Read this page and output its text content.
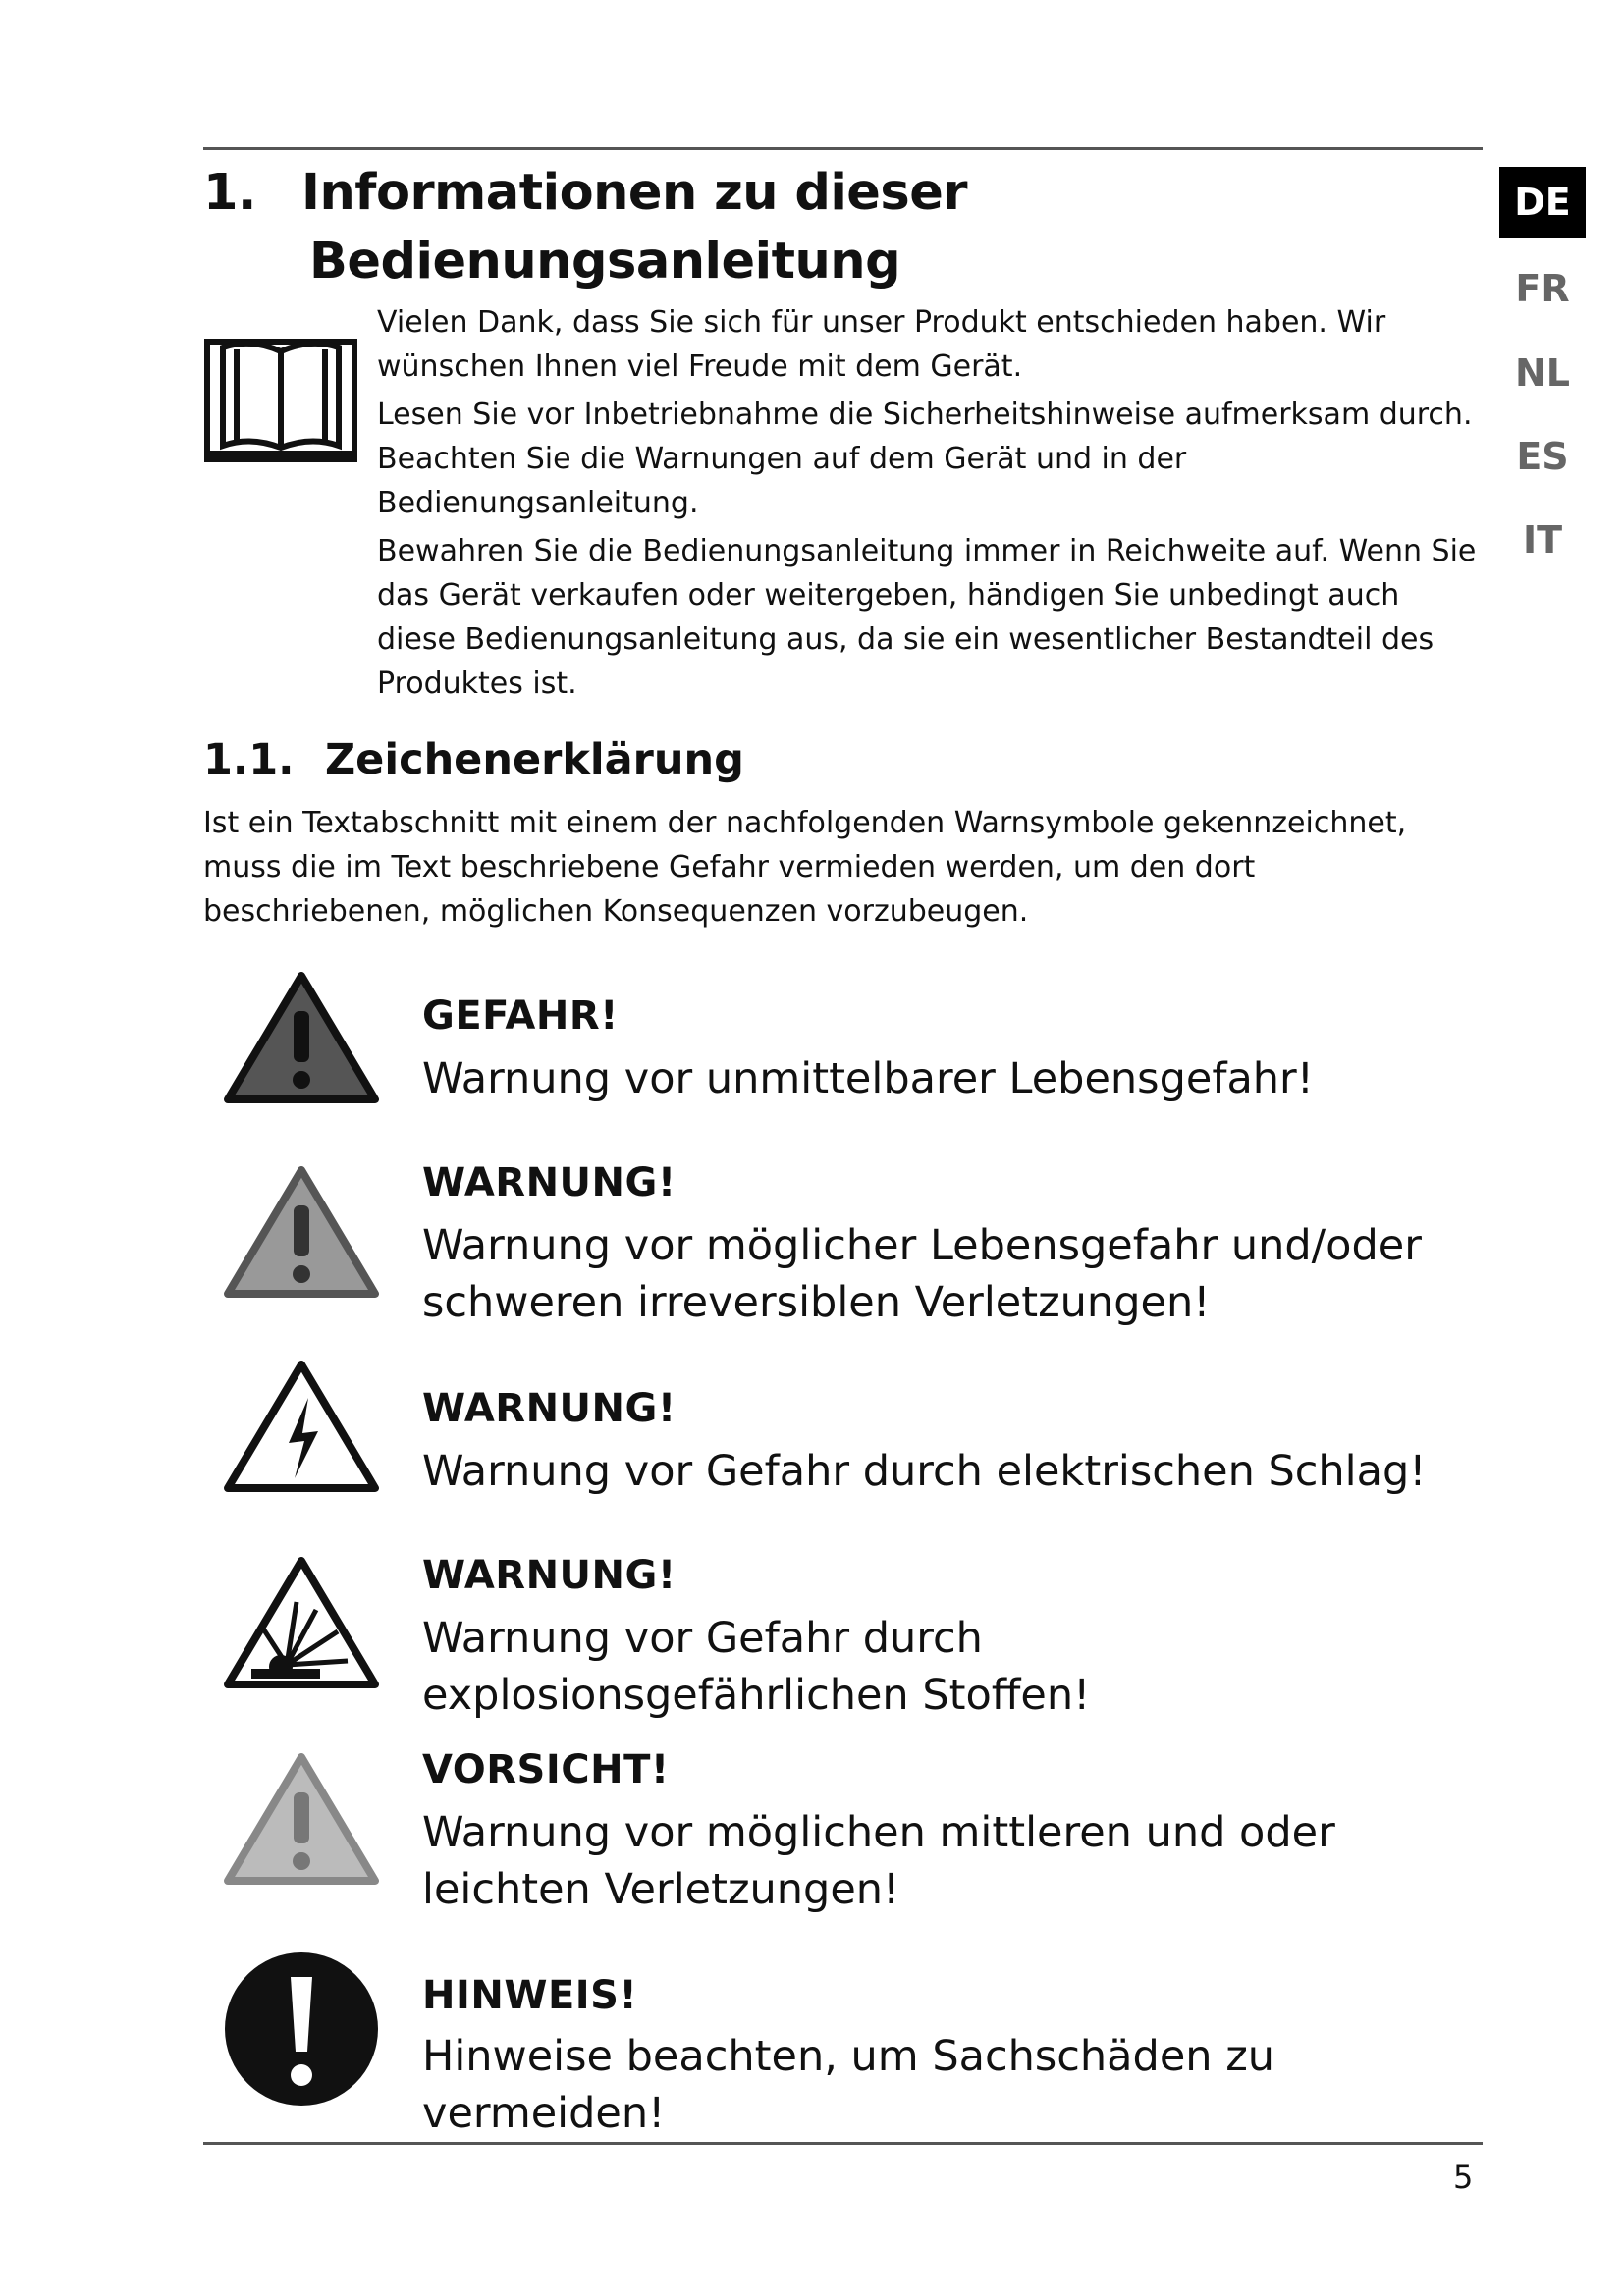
1. Informationen zu dieser
Bedienungsanleitung

Vielen Dank, dass Sie sich für unser Produkt entschieden haben. Wir wünschen Ihnen viel Freude mit dem Gerät.

Lesen Sie vor Inbetriebnahme die Sicherheitshinweise aufmerksam durch. Beachten Sie die Warnungen auf dem Gerät und in der Bedienungsanleitung.

Bewahren Sie die Bedienungsanleitung immer in Reichweite auf. Wenn Sie das Gerät verkaufen oder weitergeben, händigen Sie unbedingt auch diese Bedienungsanleitung aus, da sie ein wesentlicher Bestandteil des Produktes ist.

1.1. Zeichenerklärung

Ist ein Textabschnitt mit einem der nachfolgenden Warnsymbole gekennzeichnet, muss die im Text beschriebene Gefahr vermieden werden, um den dort beschriebenen, möglichen Konsequenzen vorzubeugen.

GEFAHR!
Warnung vor unmittelbarer Lebensgefahr!
WARNUNG!
Warnung vor möglicher Lebensgefahr und/oder schweren irreversiblen Verletzungen!
WARNUNG!
Warnung vor Gefahr durch elektrischen Schlag!
WARNUNG!
Warnung vor Gefahr durch explosionsgefährlichen Stoffen!
VORSICHT!
Warnung vor möglichen mittleren und oder leichten Verletzungen!
HINWEIS!
Hinweise beachten, um Sachschäden zu vermeiden!
5
DE
FR
NL
ES
IT
